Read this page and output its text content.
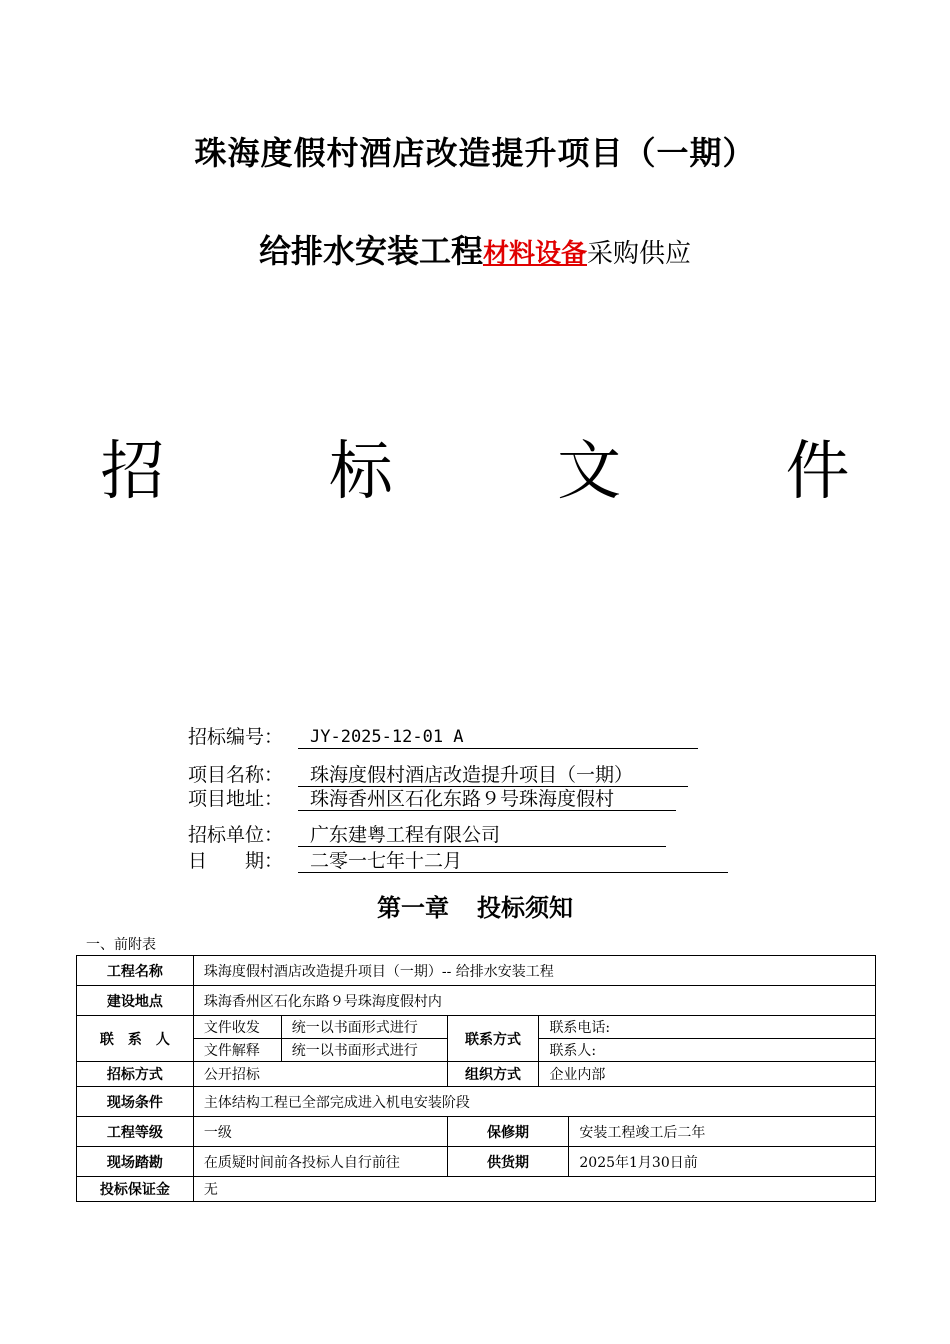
珠海度假村酒店改造提升项目（一期）
给排水安装工程材料设备采购供应
招 标 文 件
招标编号： JY-2025-12-01 A
项目名称： 珠海度假村酒店改造提升项目（一期）
项目地址： 珠海香州区石化东路９号珠海度假村
招标单位： 广东建粤工程有限公司
日　　期： 二零一七年十二月
第一章 投标须知
一、前附表
工程名称	珠海度假村酒店改造提升项目（一期）-- 给排水安装工程				
建设地点	珠海香州区石化东路９号珠海度假村内				
联　系　人	文件收发	统一以书面形式进行	联系方式	联系电话:	
	文件解释	统一以书面形式进行		联系人:	
招标方式	公开招标		组织方式	企业内部	
现场条件	主体结构工程已全部完成进入机电安装阶段				
工程等级	一级		保修期		安装工程竣工后二年
现场踏勘	在质疑时间前各投标人自行前往		供货期		2025年1月30日前
投标保证金	无				
